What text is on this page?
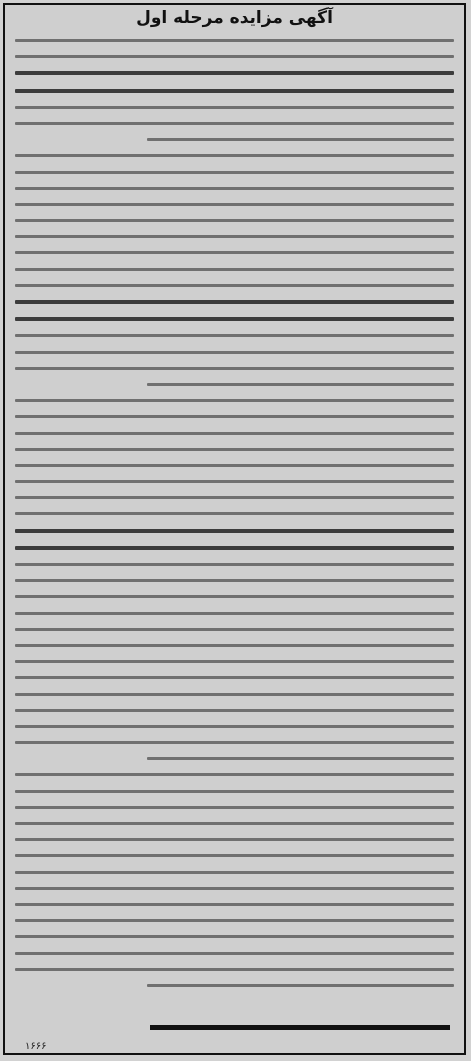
آگهی مزایده مرحله اول
۱۶۶۶
